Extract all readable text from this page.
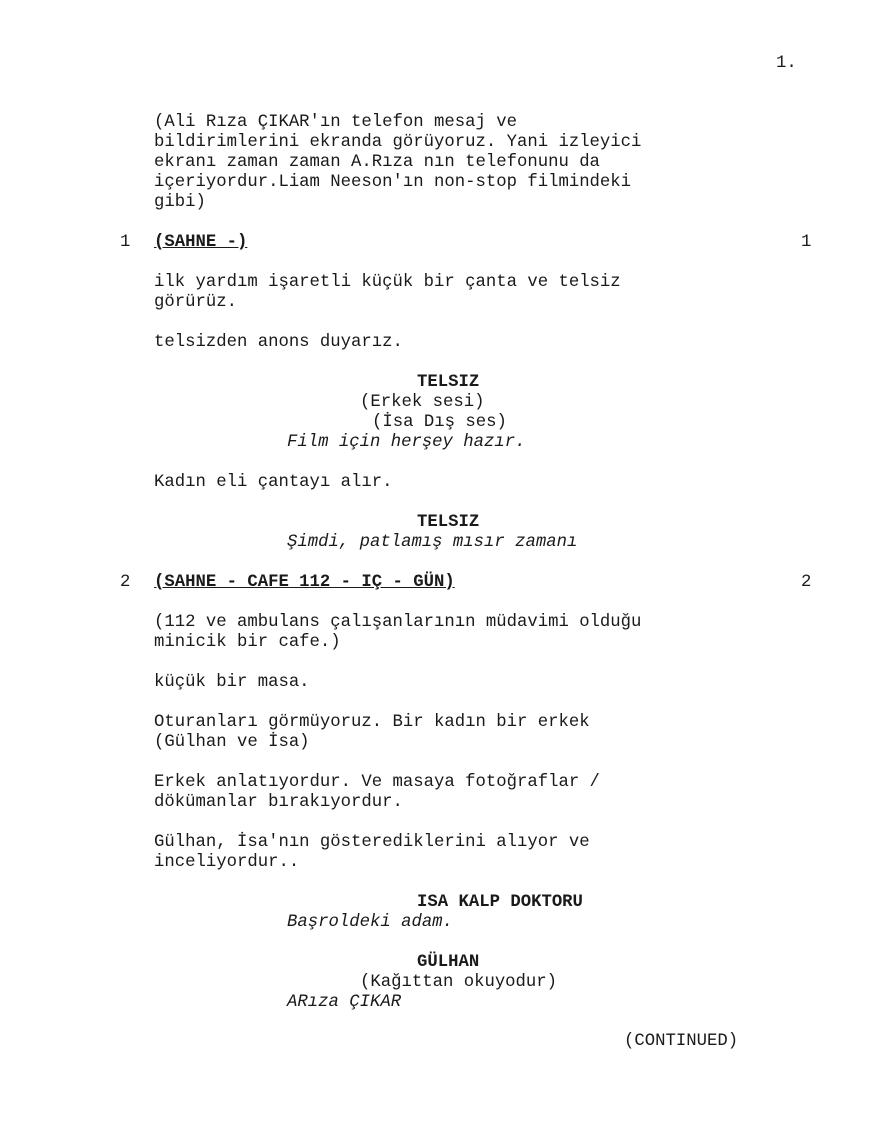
1.
(Ali Rıza ÇIKAR'ın telefon mesaj ve
bildirimlerini ekranda görüyoruz. Yani izleyici
ekranı zaman zaman A.Rıza nın telefonunu da
içeriyordur.Liam Neeson'ın non-stop filmindeki
gibi)
1 (SAHNE -)	1
ilk yardım işaretli küçük bir çanta ve telsiz
görürüz.
telsizden anons duyarız.
TELSIZ
(Erkek sesi)
(İsa Dış ses)
Film için herşey hazır.
Kadın eli çantayı alır.
TELSIZ
Şimdi, patlamış mısır zamanı
2 (SAHNE - CAFE 112 - IÇ - GÜN)	2
(112 ve ambulans çalışanlarının müdavimi olduğu
minicik bir cafe.)
küçük bir masa.
Oturanları görmüyoruz. Bir kadın bir erkek
(Gülhan ve İsa)
Erkek anlatıyordur. Ve masaya fotoğraflar /
dökümanlar bırakıyordur.
Gülhan, İsa'nın gösterediklerini alıyor ve
inceliyordur..
ISA KALP DOKTORU
Başroldeki adam.
GÜLHAN
(Kağıttan okuyodur)
ARıza ÇIKAR
(CONTINUED)
